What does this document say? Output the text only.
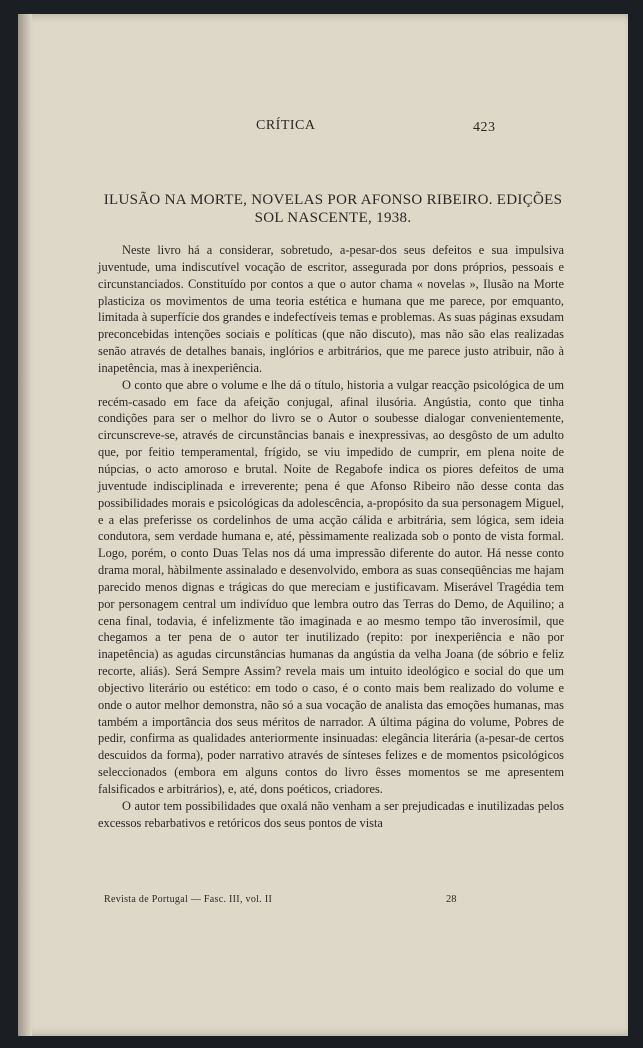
CRÍTICA	423
ILUSÃO NA MORTE, NOVELAS POR AFONSO RIBEIRO. EDIÇÕES SOL NASCENTE, 1938.

Neste livro há a considerar, sobretudo, a-pesar-dos seus defeitos e sua impulsiva juventude, uma indiscutível vocação de escritor, assegurada por dons próprios, pessoais e circunstanciados. Constituído por contos a que o autor chama « novelas », Ilusão na Morte plasticiza os movimentos de uma teoria estética e humana que me parece, por emquanto, limitada à superfície dos grandes e indefectíveis temas e problemas. As suas páginas exsudam preconcebidas intenções sociais e políticas (que não discuto), mas não são elas realizadas senão através de detalhes banais, inglórios e arbitrários, que me parece justo atribuir, não à inapetência, mas à inexperiência.

O conto que abre o volume e lhe dá o título, historia a vulgar reacção psicológica de um recém-casado em face da afeição conjugal, afinal ilusória. Angústia, conto que tinha condições para ser o melhor do livro se o Autor o soubesse dialogar convenientemente, circunscreve-se, através de circunstâncias banais e inexpressivas, ao desgôsto de um adulto que, por feitio temperamental, frígido, se viu impedido de cumprir, em plena noite de núpcias, o acto amoroso e brutal. Noite de Regabofe indica os piores defeitos de uma juventude indisciplinada e irreverente; pena é que Afonso Ribeiro não desse conta das possibilidades morais e psicológicas da adolescência, a-propósito da sua personagem Miguel, e a elas preferisse os cordelinhos de uma acção cálida e arbitrária, sem lógica, sem ideia condutora, sem verdade humana e, até, pèssimamente realizada sob o ponto de vista formal. Logo, porém, o conto Duas Telas nos dá uma impressão diferente do autor. Há nesse conto drama moral, hàbilmente assinalado e desenvolvido, embora as suas conseqüências me hajam parecido menos dignas e trágicas do que mereciam e justificavam. Miserável Tragédia tem por personagem central um indivíduo que lembra outro das Terras do Demo, de Aquilino; a cena final, todavia, é infelizmente tão imaginada e ao mesmo tempo tão inverosímil, que chegamos a ter pena de o autor ter inutilizado (repito: por inexperiência e não por inapetência) as agudas circunstâncias humanas da angústia da velha Joana (de sóbrio e feliz recorte, aliás). Será Sempre Assim? revela mais um intuito ideológico e social do que um objectivo literário ou estético: em todo o caso, é o conto mais bem realizado do volume e onde o autor melhor demonstra, não só a sua vocação de analista das emoções humanas, mas também a importância dos seus méritos de narrador. A última página do volume, Pobres de pedir, confirma as qualidades anteriormente insinuadas: elegância literária (a-pesar-de certos descuidos da forma), poder narrativo através de sínteses felizes e de momentos psicológicos seleccionados (embora em alguns contos do livro êsses momentos se me apresentem falsificados e arbitrários), e, até, dons poéticos, criadores.

O autor tem possibilidades que oxalá não venham a ser prejudicadas e inutilizadas pelos excessos rebarbativos e retóricos dos seus pontos de vista

Revista de Portugal — Fasc. III, vol. II	28
